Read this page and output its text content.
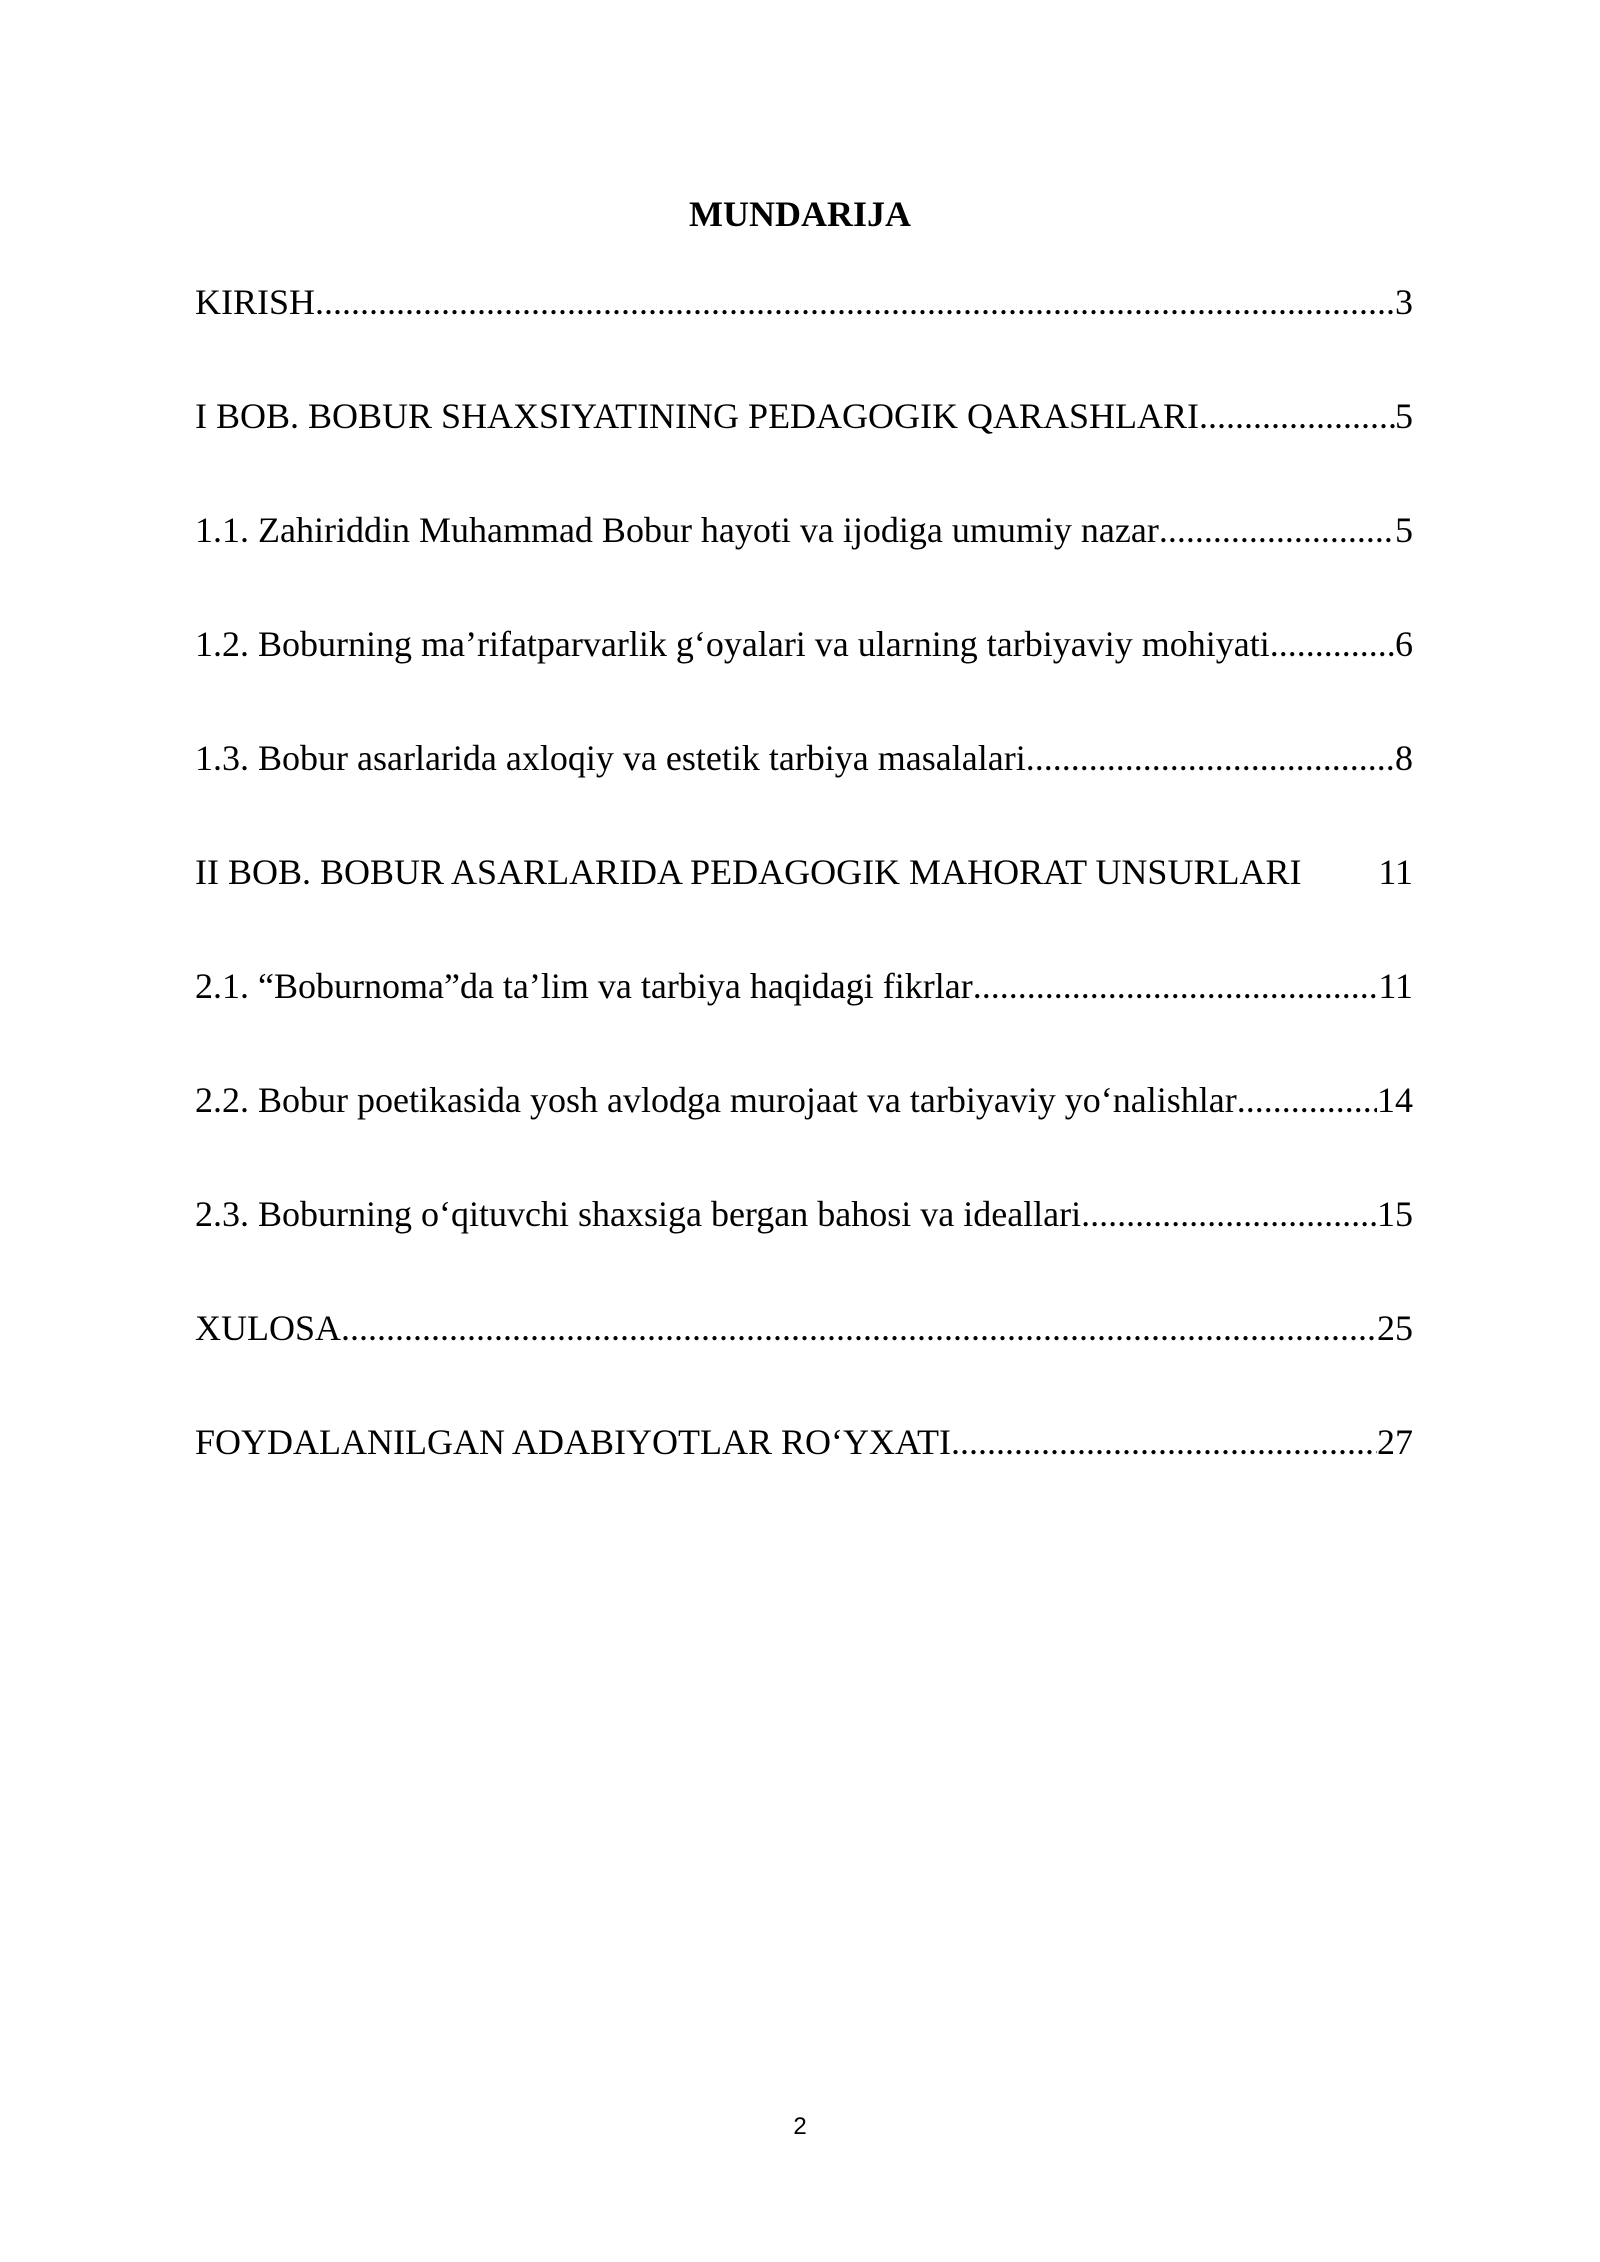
MUNDARIJA
KIRISH .....	3
I BOB. BOBUR SHAXSIYATINING PEDAGOGIK QARASHLARI .....	5
1.1. Zahiriddin Muhammad Bobur hayoti va ijodiga umumiy nazar .....	5
1.2. Boburning ma’rifatparvarlik g‘oyalari va ularning tarbiyaviy mohiyati .....	6
1.3. Bobur asarlarida axloqiy va estetik tarbiya masalalari .....	8
II BOB. BOBUR ASARLARIDA PEDAGOGIK MAHORAT UNSURLARI 11
2.1. “Boburnoma”da ta’lim va tarbiya haqidagi fikrlar .....	11
2.2. Bobur poetikasida yosh avlodga murojaat va tarbiyaviy yo‘nalishlar .....	14
2.3. Boburning o‘qituvchi shaxsiga bergan bahosi va ideallari .....	15
XULOSA .....	25
FOYDALANILGAN ADABIYOTLAR RO‘YXATI .....	27
2
